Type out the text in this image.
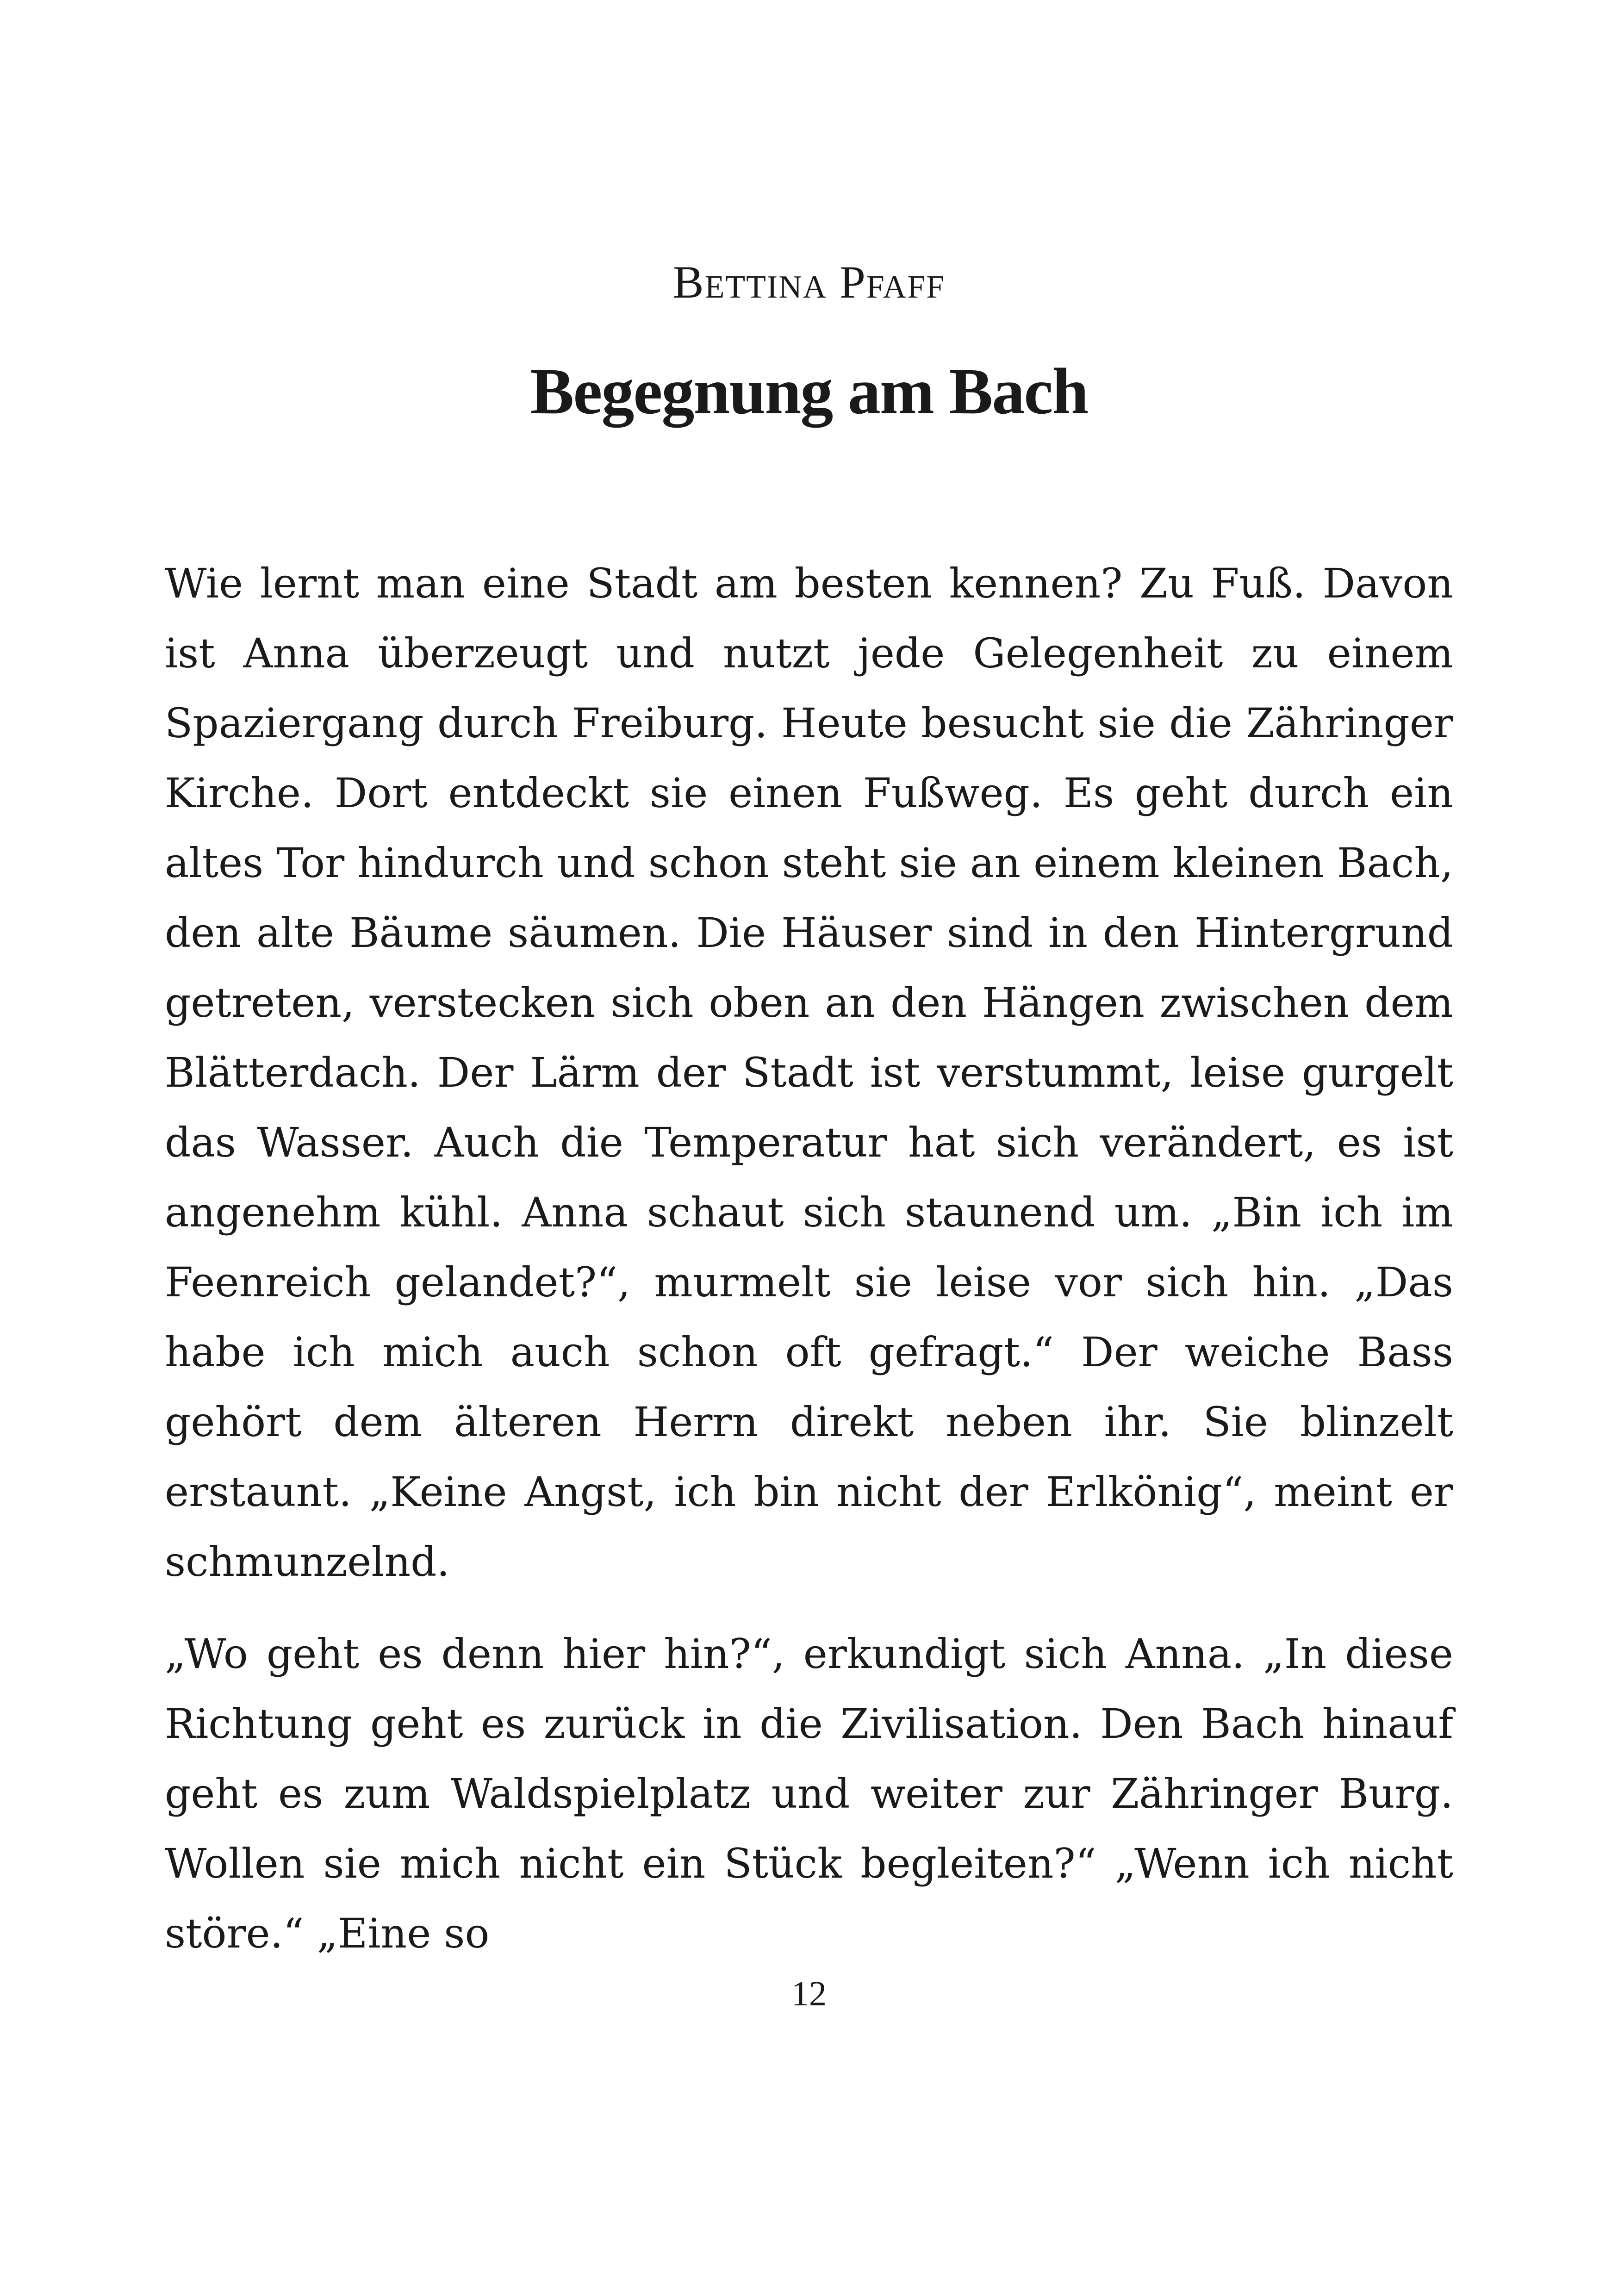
Bettina Pfaff
Begegnung am Bach

Wie lernt man eine Stadt am besten kennen? Zu Fuß. Davon ist Anna überzeugt und nutzt jede Gelegenheit zu einem Spaziergang durch Freiburg. Heute besucht sie die Zähringer Kirche. Dort entdeckt sie einen Fußweg. Es geht durch ein altes Tor hindurch und schon steht sie an einem kleinen Bach, den alte Bäume säumen. Die Häuser sind in den Hintergrund getreten, verstecken sich oben an den Hängen zwischen dem Blätterdach. Der Lärm der Stadt ist verstummt, leise gurgelt das Wasser. Auch die Temperatur hat sich verändert, es ist angenehm kühl. Anna schaut sich staunend um. „Bin ich im Feenreich gelandet?“, murmelt sie leise vor sich hin. „Das habe ich mich auch schon oft gefragt.“ Der weiche Bass gehört dem älteren Herrn direkt neben ihr. Sie blinzelt erstaunt. „Keine Angst, ich bin nicht der Erlkönig“, meint er schmunzelnd.

„Wo geht es denn hier hin?“, erkundigt sich Anna. „In diese Richtung geht es zurück in die Zivilisation. Den Bach hinauf geht es zum Waldspielplatz und weiter zur Zähringer Burg. Wollen sie mich nicht ein Stück begleiten?“ „Wenn ich nicht störe.“ „Eine so

12
